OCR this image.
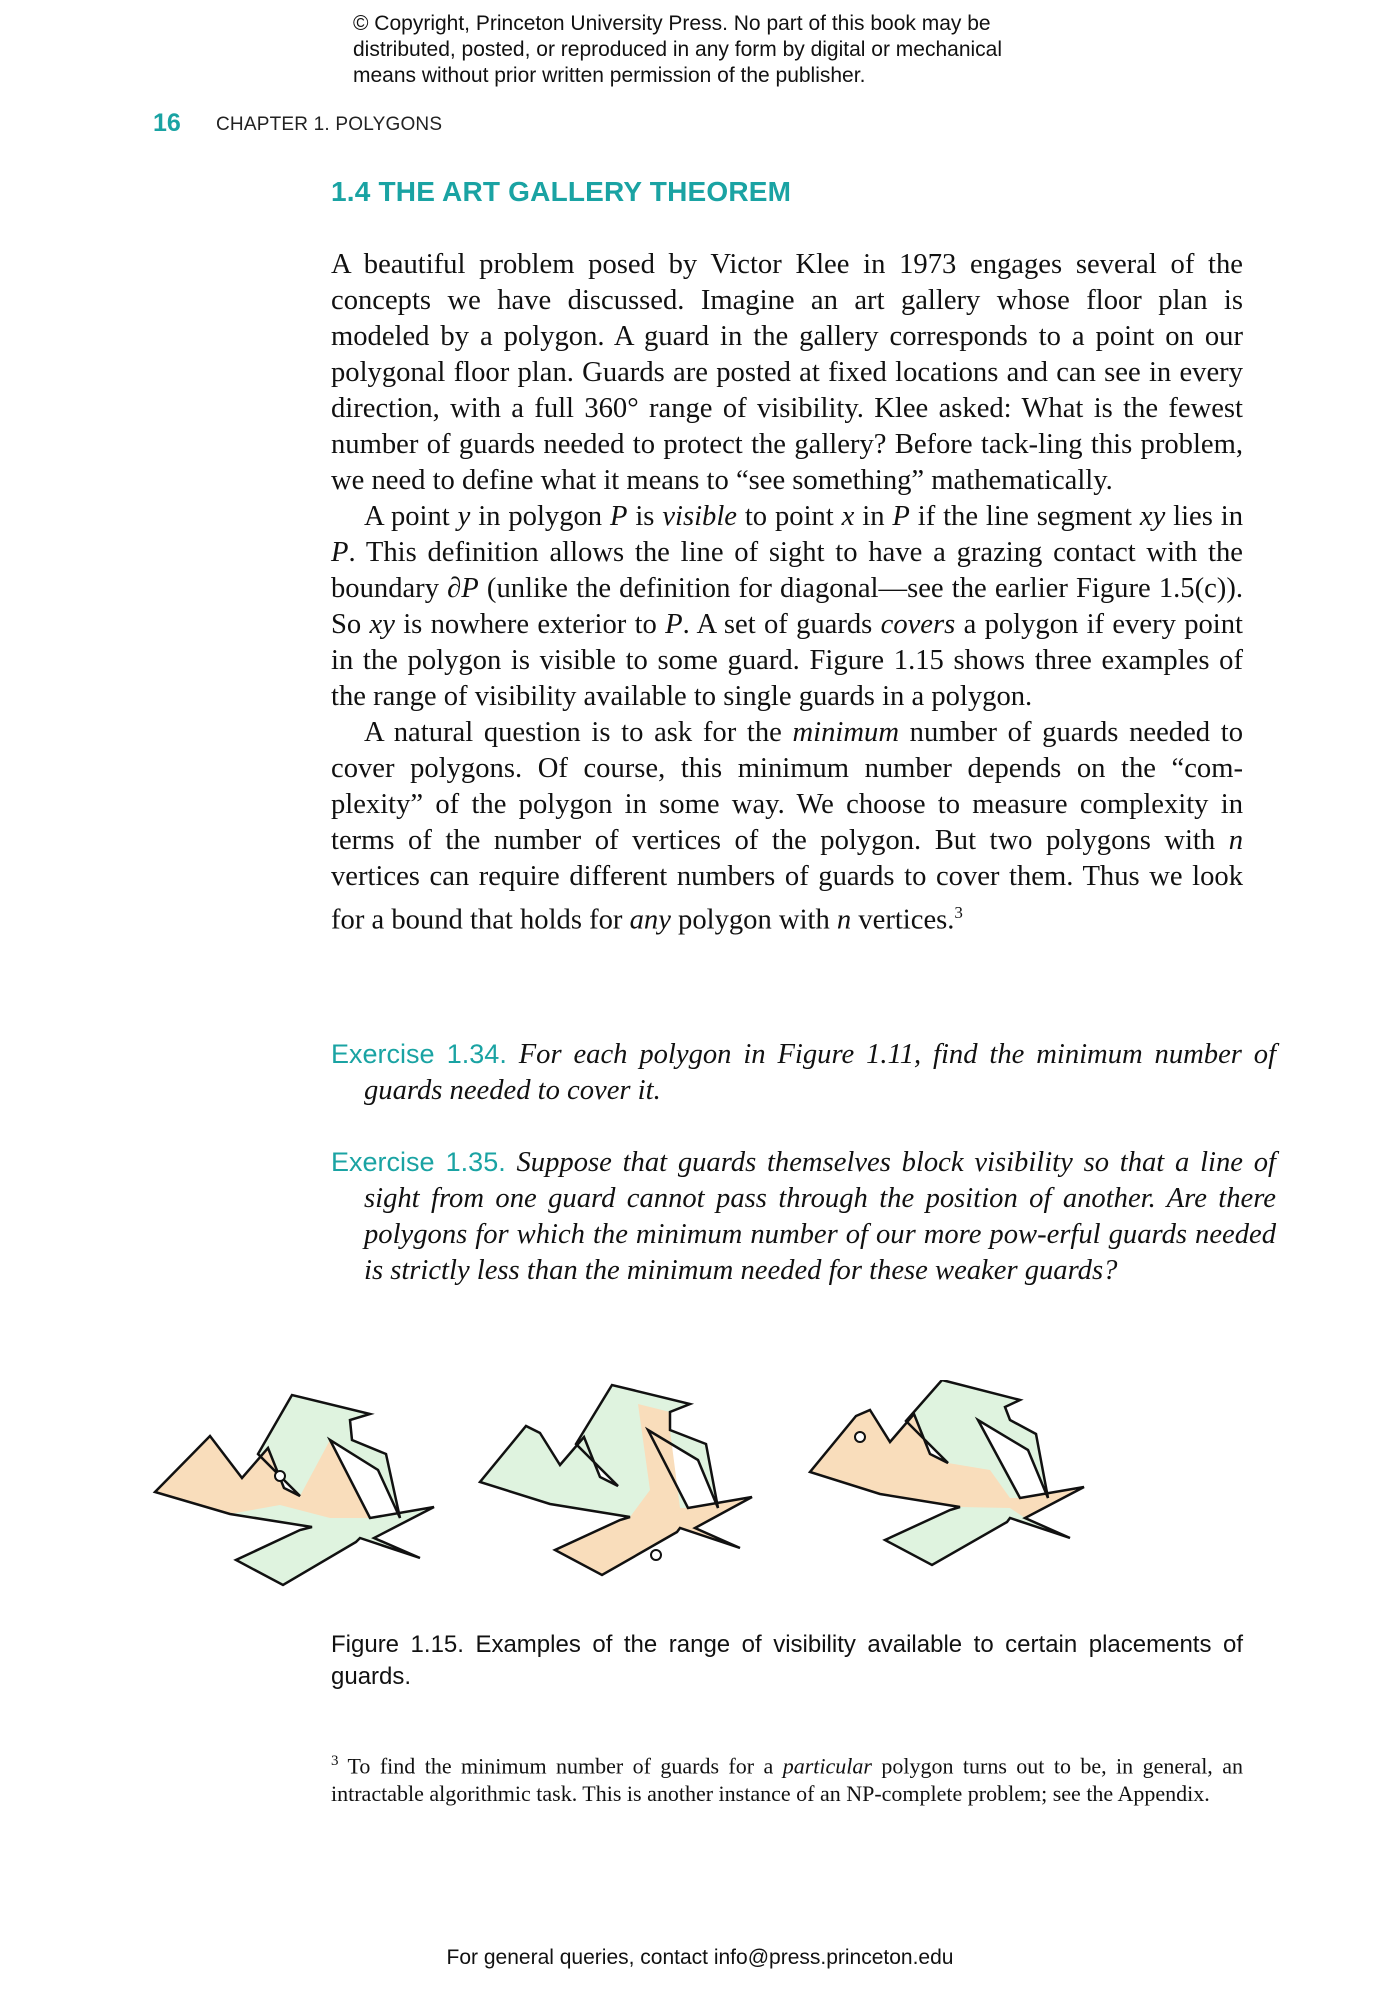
© Copyright, Princeton University Press. No part of this book may be
distributed, posted, or reproduced in any form by digital or mechanical
means without prior written permission of the publisher.
16 CHAPTER 1. POLYGONS
1.4 THE ART GALLERY THEOREM

A beautiful problem posed by Victor Klee in 1973 engages several of the concepts we have discussed. Imagine an art gallery whose floor plan is modeled by a polygon. A guard in the gallery corresponds to a point on our polygonal floor plan. Guards are posted at fixed locations and can see in every direction, with a full 360° range of visibility. Klee asked: What is the fewest number of guards needed to protect the gallery? Before tack-ling this problem, we need to define what it means to “see something” mathematically.

A point y in polygon P is visible to point x in P if the line segment xy lies in P. This definition allows the line of sight to have a grazing contact with the boundary ∂P (unlike the definition for diagonal—see the earlier Figure 1.5(c)). So xy is nowhere exterior to P. A set of guards covers a polygon if every point in the polygon is visible to some guard. Figure 1.15 shows three examples of the range of visibility available to single guards in a polygon.

A natural question is to ask for the minimum number of guards needed to cover polygons. Of course, this minimum number depends on the “com-plexity” of the polygon in some way. We choose to measure complexity in terms of the number of vertices of the polygon. But two polygons with n vertices can require different numbers of guards to cover them. Thus we look for a bound that holds for any polygon with n vertices.$^3$

Exercise 1.34. For each polygon in Figure 1.11, find the minimum number of guards needed to cover it.
Exercise 1.35. Suppose that guards themselves block visibility so that a line of sight from one guard cannot pass through the position of another. Are there polygons for which the minimum number of our more pow-erful guards needed is strictly less than the minimum needed for these weaker guards?
Figure 1.15. Examples of the range of visibility available to certain placements of guards.
$^3$ To find the minimum number of guards for a particular polygon turns out to be, in general, an intractable algorithmic task. This is another instance of an NP-complete problem; see the Appendix.
For general queries, contact info@press.princeton.edu
